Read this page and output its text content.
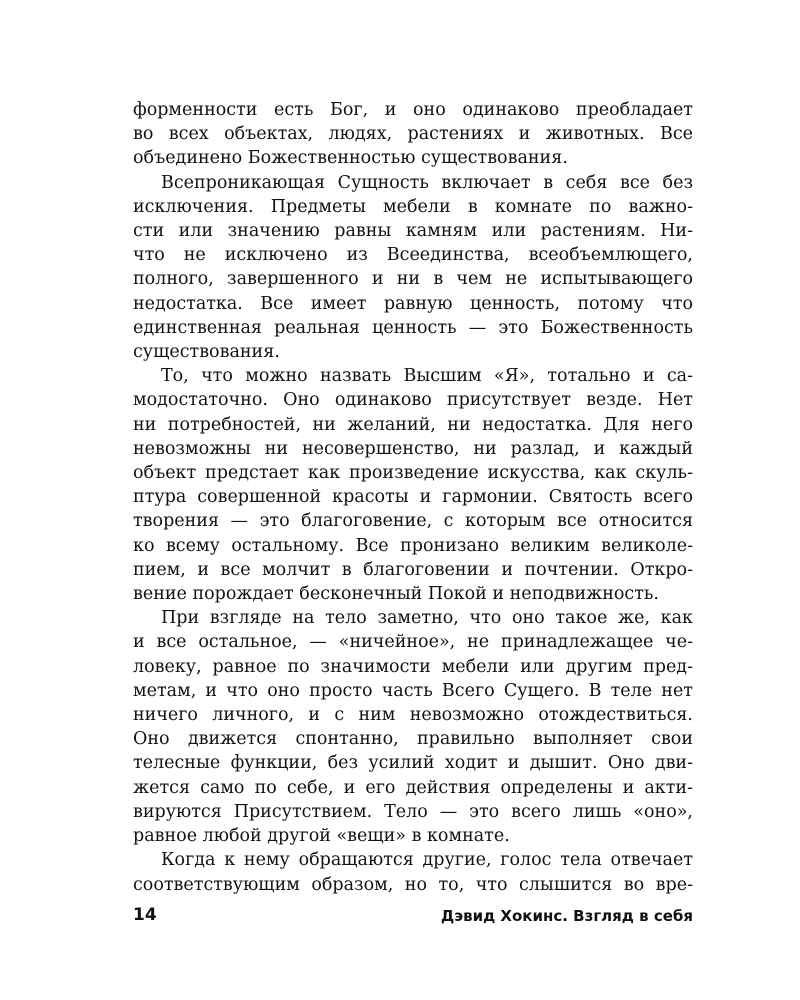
форменности есть Бог, и оно одинаково преобладает
во всех объектах, людях, растениях и животных. Все
объединено Божественностью существования.
Всепроникающая Сущность включает в себя все без
исключения. Предметы мебели в комнате по важно-
сти или значению равны камням или растениям. Ни-
что не исключено из Всеединства, всеобъемлющего,
полного, завершенного и ни в чем не испытывающего
недостатка. Все имеет равную ценность, потому что
единственная реальная ценность — это Божественность
существования.
То, что можно назвать Высшим «Я», тотально и са-
модостаточно. Оно одинаково присутствует везде. Нет
ни потребностей, ни желаний, ни недостатка. Для него
невозможны ни несовершенство, ни разлад, и каждый
объект предстает как произведение искусства, как скуль-
птура совершенной красоты и гармонии. Святость всего
творения — это благоговение, с которым все относится
ко всему остальному. Все пронизано великим великоле-
пием, и все молчит в благоговении и почтении. Откро-
вение порождает бесконечный Покой и неподвижность.
При взгляде на тело заметно, что оно такое же, как
и все остальное, — «ничейное», не принадлежащее че-
ловеку, равное по значимости мебели или другим пред-
метам, и что оно просто часть Всего Сущего. В теле нет
ничего личного, и с ним невозможно отождествиться.
Оно движется спонтанно, правильно выполняет свои
телесные функции, без усилий ходит и дышит. Оно дви-
жется само по себе, и его действия определены и акти-
вируются Присутствием. Тело — это всего лишь «оно»,
равное любой другой «вещи» в комнате.
Когда к нему обращаются другие, голос тела отвечает
соответствующим образом, но то, что слышится во вре-
14	Дэвид Хокинс. Взгляд в себя
